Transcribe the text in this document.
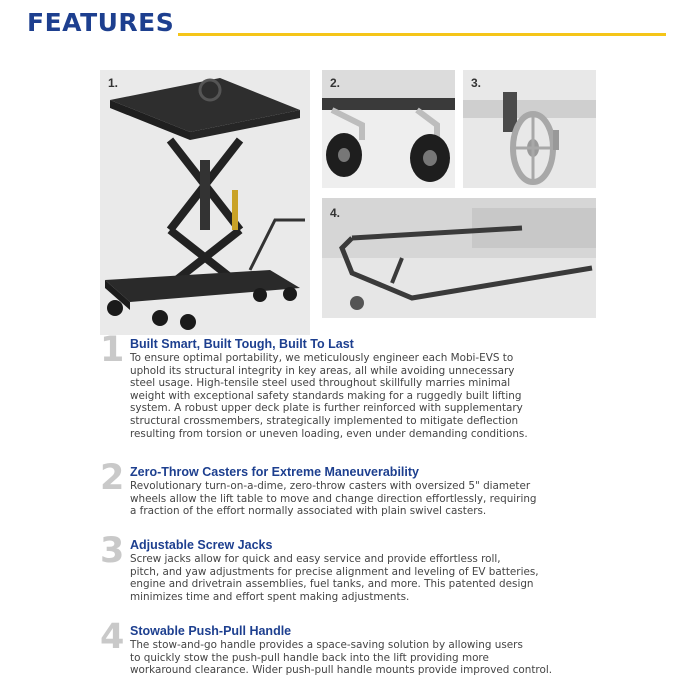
FEATURES
1.	2.	3.
4.
1 Built Smart, Built Tough, Built To Last
To ensure optimal portability, we meticulously engineer each Mobi-EVS to
uphold its structural integrity in key areas, all while avoiding unnecessary
steel usage. High-tensile steel used throughout skillfully marries minimal
weight with exceptional safety standards making for a ruggedly built lifting
system. A robust upper deck plate is further reinforced with supplementary
structural crossmembers, strategically implemented to mitigate deflection
resulting from torsion or uneven loading, even under demanding conditions.
2 Zero-Throw Casters for Extreme Maneuverability
Revolutionary turn-on-a-dime, zero-throw casters with oversized 5" diameter
wheels allow the lift table to move and change direction effortlessly, requiring
a fraction of the effort normally associated with plain swivel casters.
3 Adjustable Screw Jacks
Screw jacks allow for quick and easy service and provide effortless roll,
pitch, and yaw adjustments for precise alignment and leveling of EV batteries,
engine and drivetrain assemblies, fuel tanks, and more. This patented design
minimizes time and effort spent making adjustments.
4 Stowable Push-Pull Handle
The stow-and-go handle provides a space-saving solution by allowing users
to quickly stow the push-pull handle back into the lift providing more
workaround clearance. Wider push-pull handle mounts provide improved control.
